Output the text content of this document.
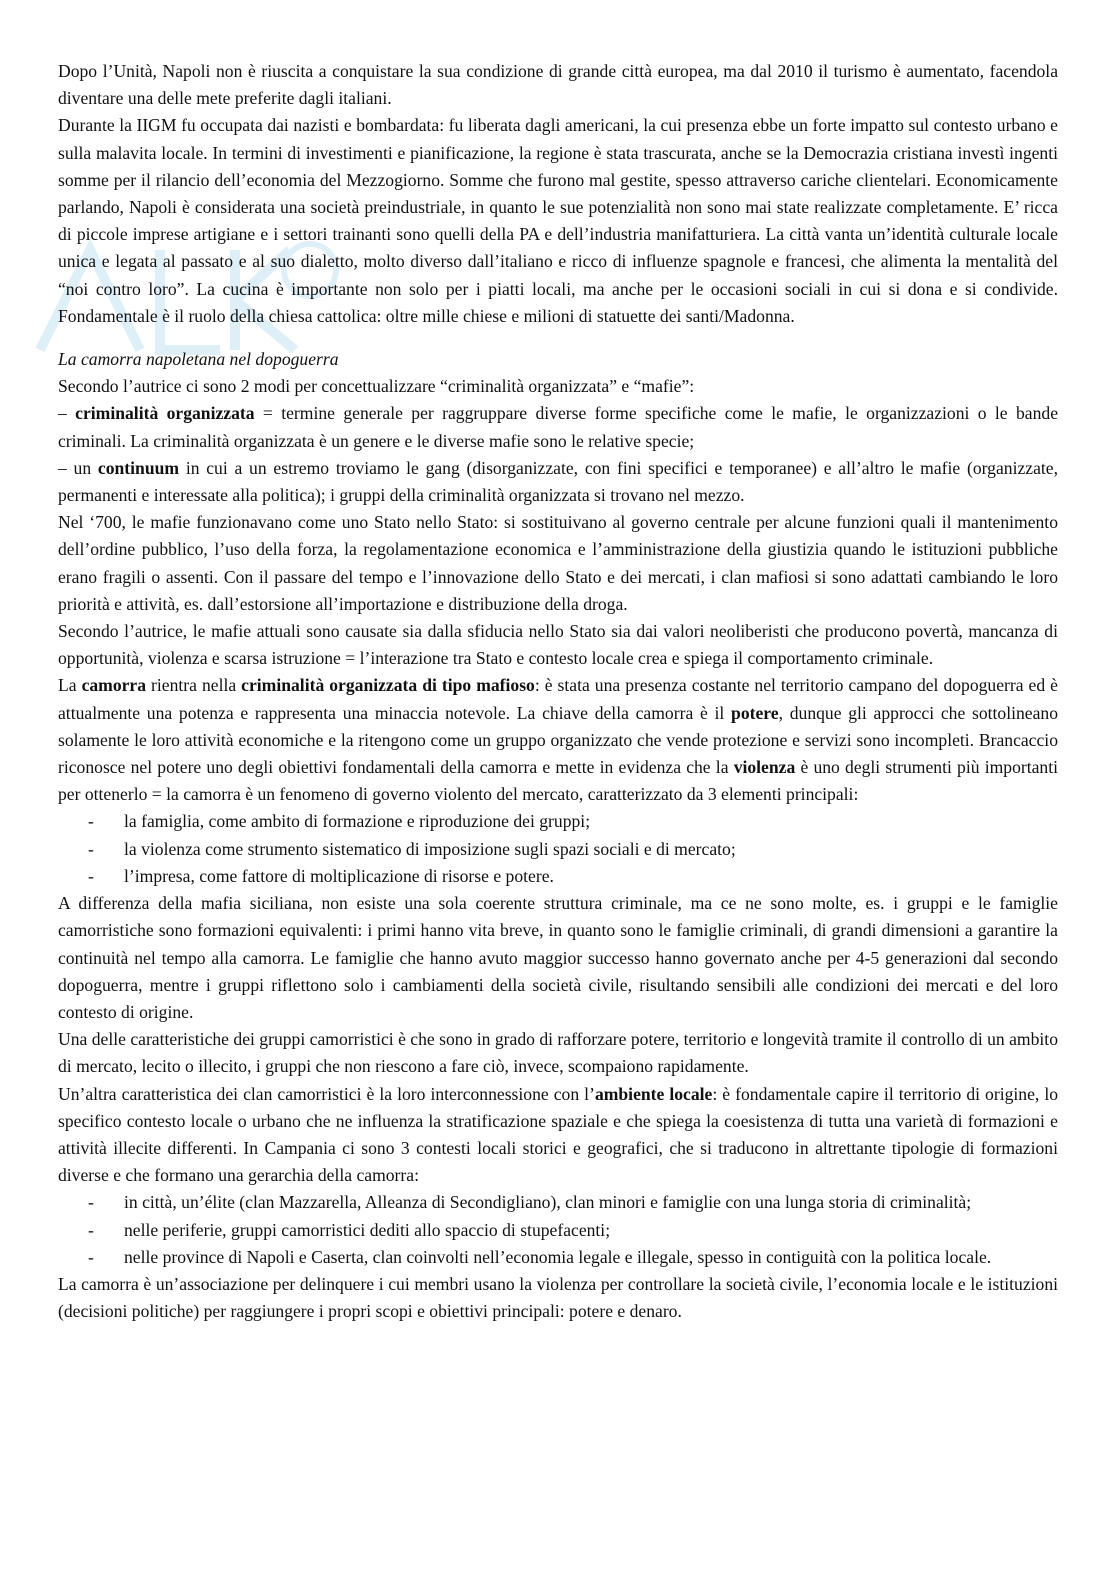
Dopo l’Unità, Napoli non è riuscita a conquistare la sua condizione di grande città europea, ma dal 2010 il turismo è aumentato, facendola diventare una delle mete preferite dagli italiani.

Durante la IIGM fu occupata dai nazisti e bombardata: fu liberata dagli americani, la cui presenza ebbe un forte impatto sul contesto urbano e sulla malavita locale. In termini di investimenti e pianificazione, la regione è stata trascurata, anche se la Democrazia cristiana investì ingenti somme per il rilancio dell’economia del Mezzogiorno. Somme che furono mal gestite, spesso attraverso cariche clientelari. Economicamente parlando, Napoli è considerata una società preindustriale, in quanto le sue potenzialità non sono mai state realizzate completamente. E’ ricca di piccole imprese artigiane e i settori trainanti sono quelli della PA e dell’industria manifatturiera. La città vanta un’identità culturale locale unica e legata al passato e al suo dialetto, molto diverso dall’italiano e ricco di influenze spagnole e francesi, che alimenta la mentalità del “noi contro loro”. La cucina è importante non solo per i piatti locali, ma anche per le occasioni sociali in cui si dona e si condivide. Fondamentale è il ruolo della chiesa cattolica: oltre mille chiese e milioni di statuette dei santi/Madonna.

La camorra napoletana nel dopoguerra

Secondo l’autrice ci sono 2 modi per concettualizzare “criminalità organizzata” e “mafie”:

– criminalità organizzata = termine generale per raggruppare diverse forme specifiche come le mafie, le organizzazioni o le bande criminali. La criminalità organizzata è un genere e le diverse mafie sono le relative specie;

– un continuum in cui a un estremo troviamo le gang (disorganizzate, con fini specifici e temporanee) e all’altro le mafie (organizzate, permanenti e interessate alla politica); i gruppi della criminalità organizzata si trovano nel mezzo.

Nel ‘700, le mafie funzionavano come uno Stato nello Stato: si sostituivano al governo centrale per alcune funzioni quali il mantenimento dell’ordine pubblico, l’uso della forza, la regolamentazione economica e l’amministrazione della giustizia quando le istituzioni pubbliche erano fragili o assenti. Con il passare del tempo e l’innovazione dello Stato e dei mercati, i clan mafiosi si sono adattati cambiando le loro priorità e attività, es. dall’estorsione all’importazione e distribuzione della droga.

Secondo l’autrice, le mafie attuali sono causate sia dalla sfiducia nello Stato sia dai valori neoliberisti che producono povertà, mancanza di opportunità, violenza e scarsa istruzione = l’interazione tra Stato e contesto locale crea e spiega il comportamento criminale.

La camorra rientra nella criminalità organizzata di tipo mafioso: è stata una presenza costante nel territorio campano del dopoguerra ed è attualmente una potenza e rappresenta una minaccia notevole. La chiave della camorra è il potere, dunque gli approcci che sottolineano solamente le loro attività economiche e la ritengono come un gruppo organizzato che vende protezione e servizi sono incompleti. Brancaccio riconosce nel potere uno degli obiettivi fondamentali della camorra e mette in evidenza che la violenza è uno degli strumenti più importanti per ottenerlo = la camorra è un fenomeno di governo violento del mercato, caratterizzato da 3 elementi principali:

- la famiglia, come ambito di formazione e riproduzione dei gruppi;
- la violenza come strumento sistematico di imposizione sugli spazi sociali e di mercato;
- l’impresa, come fattore di moltiplicazione di risorse e potere.

A differenza della mafia siciliana, non esiste una sola coerente struttura criminale, ma ce ne sono molte, es. i gruppi e le famiglie camorristiche sono formazioni equivalenti: i primi hanno vita breve, in quanto sono le famiglie criminali, di grandi dimensioni a garantire la continuità nel tempo alla camorra. Le famiglie che hanno avuto maggior successo hanno governato anche per 4-5 generazioni dal secondo dopoguerra, mentre i gruppi riflettono solo i cambiamenti della società civile, risultando sensibili alle condizioni dei mercati e del loro contesto di origine.

Una delle caratteristiche dei gruppi camorristici è che sono in grado di rafforzare potere, territorio e longevità tramite il controllo di un ambito di mercato, lecito o illecito, i gruppi che non riescono a fare ciò, invece, scompaiono rapidamente.

Un’altra caratteristica dei clan camorristici è la loro interconnessione con l’ambiente locale: è fondamentale capire il territorio di origine, lo specifico contesto locale o urbano che ne influenza la stratificazione spaziale e che spiega la coesistenza di tutta una varietà di formazioni e attività illecite differenti. In Campania ci sono 3 contesti locali storici e geografici, che si traducono in altrettante tipologie di formazioni diverse e che formano una gerarchia della camorra:

- in città, un’élite (clan Mazzarella, Alleanza di Secondigliano), clan minori e famiglie con una lunga storia di criminalità;
- nelle periferie, gruppi camorristici dediti allo spaccio di stupefacenti;
- nelle province di Napoli e Caserta, clan coinvolti nell’economia legale e illegale, spesso in contiguità con la politica locale.

La camorra è un’associazione per delinquere i cui membri usano la violenza per controllare la società civile, l’economia locale e le istituzioni (decisioni politiche) per raggiungere i propri scopi e obiettivi principali: potere e denaro.
